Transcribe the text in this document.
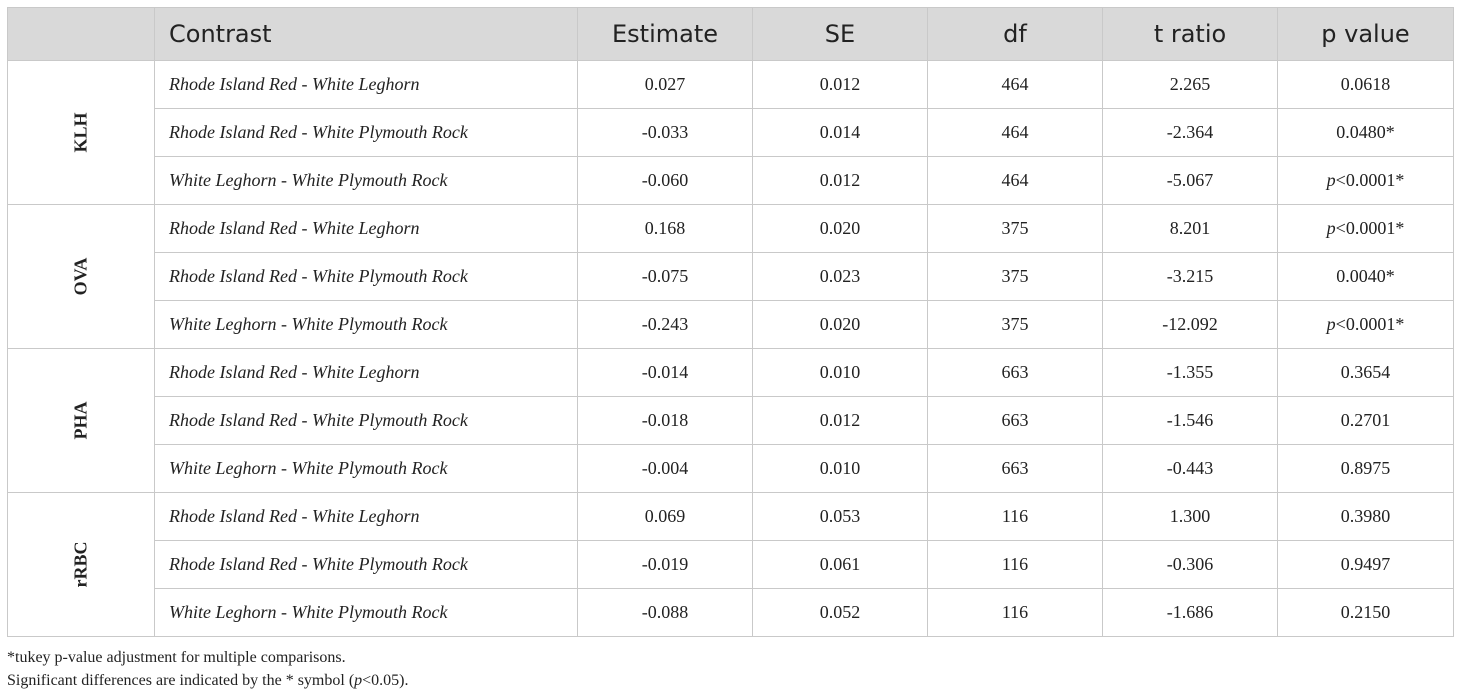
	Contrast	Estimate	SE	df	t ratio	p value
KLH	Rhode Island Red - White Leghorn	0.027	0.012	464	2.265	0.0618
	Rhode Island Red - White Plymouth Rock	-0.033	0.014	464	-2.364	0.0480*
	White Leghorn - White Plymouth Rock	-0.060	0.012	464	-5.067	p<0.0001*
OVA	Rhode Island Red - White Leghorn	0.168	0.020	375	8.201	p<0.0001*
	Rhode Island Red - White Plymouth Rock	-0.075	0.023	375	-3.215	0.0040*
	White Leghorn - White Plymouth Rock	-0.243	0.020	375	-12.092	p<0.0001*
PHA	Rhode Island Red - White Leghorn	-0.014	0.010	663	-1.355	0.3654
	Rhode Island Red - White Plymouth Rock	-0.018	0.012	663	-1.546	0.2701
	White Leghorn - White Plymouth Rock	-0.004	0.010	663	-0.443	0.8975
rRBC	Rhode Island Red - White Leghorn	0.069	0.053	116	1.300	0.3980
	Rhode Island Red - White Plymouth Rock	-0.019	0.061	116	-0.306	0.9497
	White Leghorn - White Plymouth Rock	-0.088	0.052	116	-1.686	0.2150
*tukey p-value adjustment for multiple comparisons.
Significant differences are indicated by the * symbol (p<0.05).
